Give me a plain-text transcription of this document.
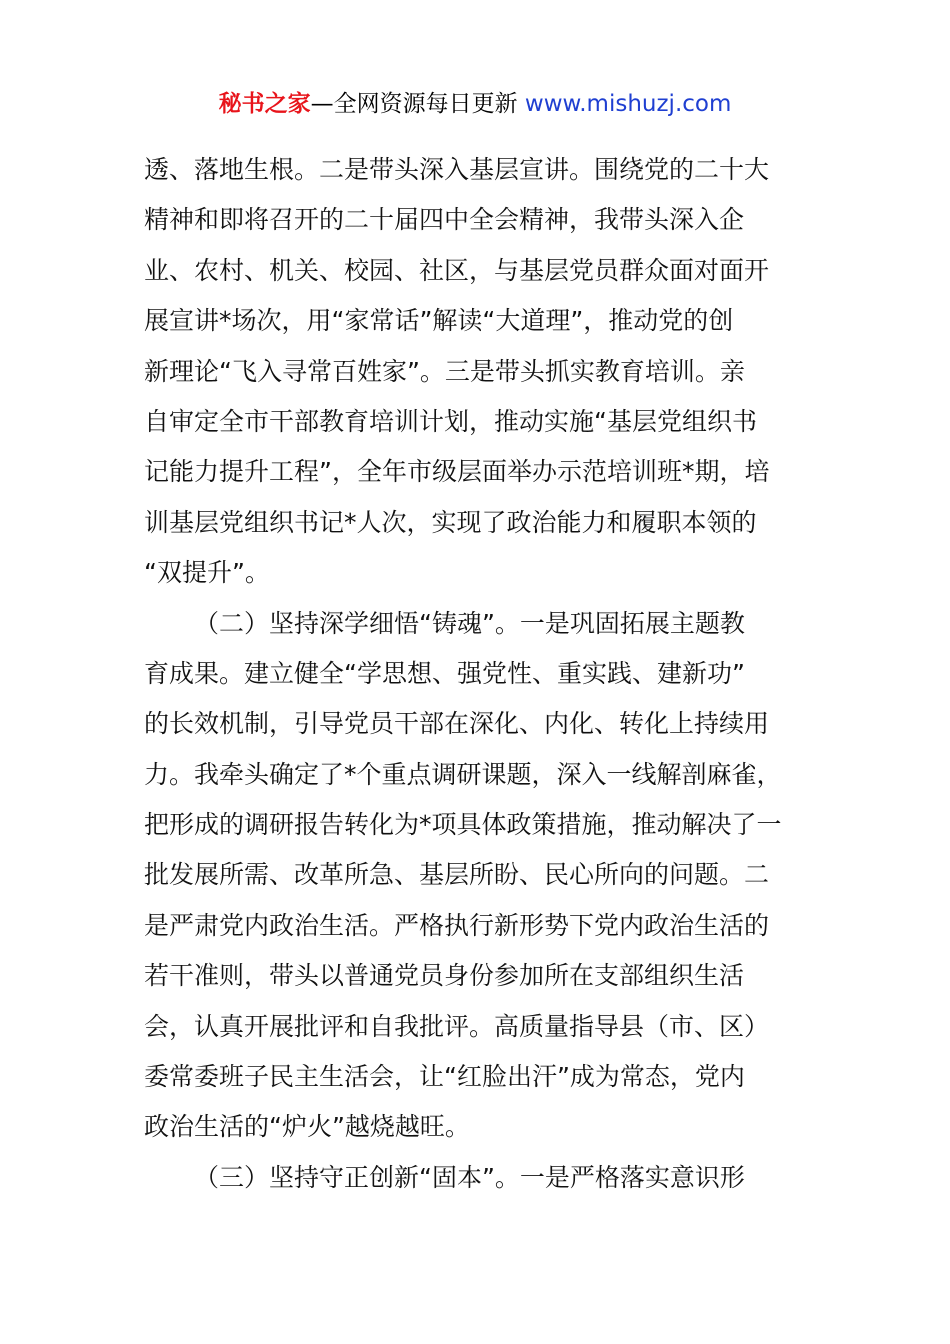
秘书之家—全网资源每日更新 www.mishuzj.com
透、落地生根。二是带头深入基层宣讲。围绕党的二十大
精神和即将召开的二十届四中全会精神，我带头深入企
业、农村、机关、校园、社区，与基层党员群众面对面开
展宣讲*场次，用“家常话”解读“大道理”，推动党的创
新理论“飞入寻常百姓家”。三是带头抓实教育培训。亲
自审定全市干部教育培训计划，推动实施“基层党组织书
记能力提升工程”，全年市级层面举办示范培训班*期，培
训基层党组织书记*人次，实现了政治能力和履职本领的
“双提升”。
（二）坚持深学细悟“铸魂”。一是巩固拓展主题教
育成果。建立健全“学思想、强党性、重实践、建新功”
的长效机制，引导党员干部在深化、内化、转化上持续用
力。我牵头确定了*个重点调研课题，深入一线解剖麻雀，
把形成的调研报告转化为*项具体政策措施，推动解决了一
批发展所需、改革所急、基层所盼、民心所向的问题。二
是严肃党内政治生活。严格执行新形势下党内政治生活的
若干准则，带头以普通党员身份参加所在支部组织生活
会，认真开展批评和自我批评。高质量指导县（市、区）
委常委班子民主生活会，让“红脸出汗”成为常态，党内
政治生活的“炉火”越烧越旺。
（三）坚持守正创新“固本”。一是严格落实意识形
